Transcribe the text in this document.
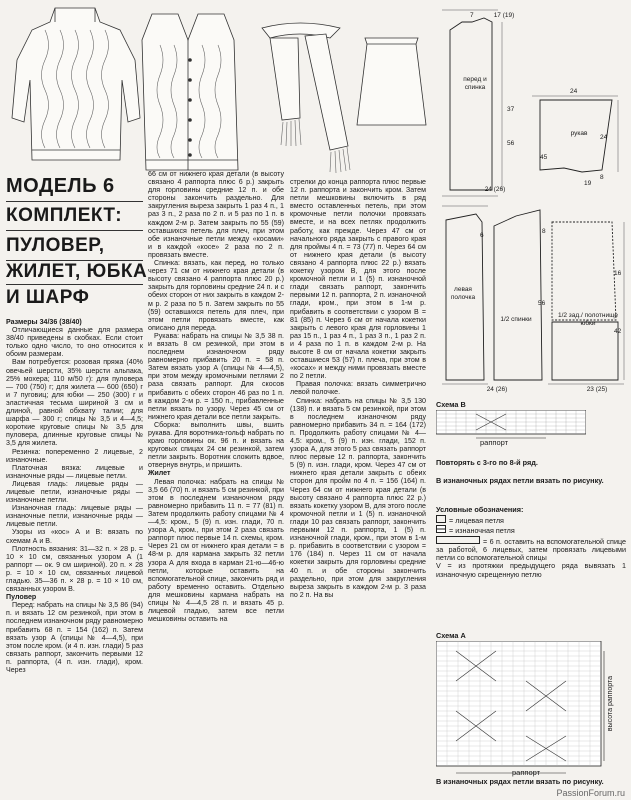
МОДЕЛЬ 6
КОМПЛЕКТ:
ПУЛОВЕР,
ЖИЛЕТ, ЮБКА
И ШАРФ

Размеры 34/36 (38/40)

Отличающиеся данные для размера 38/40 приведены в скобках. Если стоит только одно число, то оно относится к обоим размерам.

Вам потребуется: розовая пряжа (40% овечьей шерсти, 35% шерсти альпака, 25% мохера; 110 м/50 г): для пуловера — 700 (750) г; для жилета — 600 (650) г и 7 пуговиц; для юбки — 250 (300) г и эластичная тесьма шириной 3 см и длиной, равной обхвату талии; для шарфа — 300 г; спицы № 3,5 и 4—4,5; короткие круговые спицы № 3,5 для пуловера, длинные круговые спицы № 3,5 для жилета.

Резинка: попеременно 2 лицевые, 2 изнаночные.

Платочная вязка: лицевые и изнаночные ряды — лицевые петли.

Лицевая гладь: лицевые ряды — лицевые петли, изнаночные ряды — изнаночные петли.

Изнаночная гладь: лицевые ряды — изнаночные петли, изнаночные ряды — лицевые петли.

Узоры из «кос» А и В: вязать по схемам А и В.

Плотность вязания: 31—32 п. × 28 р. = 10 × 10 см, связанных узором А (1 раппорт — ок. 9 см шириной). 20 п. × 28 р. = 10 × 10 см, связанных лицевой гладью. 35—36 п. × 28 р. = 10 × 10 см, связанных узором В.

Пуловер

Перед: набрать на спицы № 3,5 86 (94) п. и вязать 12 см резинкой, при этом в последнем изнаночном ряду равномерно прибавить 68 п. = 154 (162) п. Затем вязать узор А (спицы № 4—4,5), при этом после кром. (и 4 п. изн. глади) 5 раз связать раппорт, закончить первыми 12 п. раппорта, (4 п. изн. глади), кром. Через

66 см от нижнего края детали (в высоту связано 4 раппорта плюс 6 р.) закрыть для горловины средние 12 п. и обе стороны закончить раздельно. Для закругления выреза закрыть 1 раз 4 п., 1 раз 3 п., 2 раза по 2 п. и 5 раз по 1 п. в каждом 2-м р. Затем закрыть по 55 (59) оставшихся петель для плеч, при этом обе изнаночные петли между «косами» и в каждой «косе» 2 раза по 2 п. провязать вместе.

Спинка: вязать, как перед, но только через 71 см от нижнего края детали (в высоту связано 4 раппорта плюс 20 р.) закрыть для горловины средние 24 п. и с обеих сторон от них закрыть в каждом 2-м р. 2 раза по 5 п. Затем закрыть по 55 (59) оставшихся петель для плеч, при этом петли провязать вместе, как описано для переда.

Рукава: набрать на спицы № 3,5 38 п. и вязать 8 см резинкой, при этом в последнем изнаночном ряду равномерно прибавить 20 п. = 58 п. Затем вязать узор А (спицы № 4—4,5), при этом между кромочными петлями 2 раза связать раппорт. Для скосов прибавить с обеих сторон 46 раз по 1 п. в каждом 2-м р. = 150 п., прибавленные петли вязать по узору. Через 45 см от нижнего края детали все петли закрыть.

Сборка: выполнить швы, вшить рукава. Для воротника-гольф набрать по краю горловины ок. 96 п. и вязать на круговых спицах 24 см резинкой, затем петли закрыть. Воротник сложить вдвое, отвернув внутрь, и пришить.

Жилет

Левая полочка: набрать на спицы № 3,5 66 (70) п. и вязать 5 см резинкой, при этом в последнем изнаночном ряду равномерно прибавить 11 п. = 77 (81) п. Затем продолжить работу спицами № 4—4,5: кром., 5 (9) п. изн. глади, 70 п. узора А, кром., при этом 2 раза связать раппорт плюс первые 14 п. схемы, кром. Через 21 см от нижнего края детали = в 48-м р. для кармана закрыть 32 петли узора А для входа в карман 21-ю—46-ю петли, которые оставить на вспомогательной спице, закончить ряд и работу временно оставить. Отдельно для мешковины кармана набрать на спицы № 4—4,5 28 п. и вязать 45 р. лицевой гладью, затем все петли мешковины оставить на

стрелки до конца раппорта плюс первые 12 п. раппорта и закончить кром. Затем петли мешковины включить в ряд вместо оставленных петель, при этом кромочные петли полочки провязать вместе, и на всех петлях продолжить работу, как прежде. Через 47 см от начального ряда закрыть с правого края для проймы 4 п. = 73 (77) п. Через 64 см от нижнего края детали (в высоту связано 4 раппорта плюс 22 р.) вязать кокетку узором В, для этого после кромочной петли и 1 (5) п. изнаночной глади связать раппорт, закончить первыми 12 п. раппорта, 2 п. изнаночной глади, кром., при этом в 1-м р. прибавить в соответствии с узором В = 81 (85) п. Через 6 см от начала кокетки закрыть с левого края для горловины 1 раз 15 п., 1 раз 4 п., 1 раз 3 п., 1 раз 2 п. и 4 раза по 1 п. в каждом 2-м р. На высоте 8 см от начала кокетки закрыть оставшиеся 53 (57) п. плеча, при этом в «косах» и между ними провязать вместе по 2 петли.

Правая полочка: вязать симметрично левой полочке.

Спинка: набрать на спицы № 3,5 130 (138) п. и вязать 5 см резинкой, при этом в последнем изнаночном ряду равномерно прибавить 34 п. = 164 (172) п. Продолжить работу спицами № 4—4,5: кром., 5 (9) п. изн. глади, 152 п. узора А, для этого 5 раз связать раппорт плюс первые 12 п. раппорта, закончить 5 (9) п. изн. глади, кром. Через 47 см от нижнего края детали закрыть с обеих сторон для пройм по 4 п. = 156 (164) п. Через 64 см от нижнего края детали (в высоту связано 4 раппорта плюс 22 р.) вязать кокетку узором В, для этого после кромочной петли и 1 (5) п. изнаночной глади 10 раз связать раппорт, закончить первыми 12 п. раппорта, 1 (5) п. изнаночной глади, кром., при этом в 1-м р. прибавить в соответствии с узором = 176 (184) п. Через 11 см от начала кокетки закрыть для горловины средние 40 п. и обе стороны закончить раздельно, при этом для закругления выреза закрыть в каждом 2-м р. 3 раза по 2 п. На вы

перед и спинка
рукав
левая полочка
1/2 спинки
1/2 зад./ полотнище юбки
7	17 (19)
24
37
56
24 (26)
24
45
8
19
24 (26)	23 (25)
42
16
8
56
6
Схема В
раппорт
Повторять с 3-го по 8-й ряд.
В изнаночных рядах петли вязать по рисунку.
Условные обозначения:
= лицевая петля
= изнаночная петля
= 6 п. оставить на вспомогательной спице за работой, 6 лицевых, затем провязать лицевыми петли со вспомогательной спицы
V = из протяжки предыдущего ряда вывязать 1 изнаночную скрещенную петлю
Схема А
высота раппорта
раппорт
В изнаночных рядах петли вязать по рисунку.
PassionForum.ru
